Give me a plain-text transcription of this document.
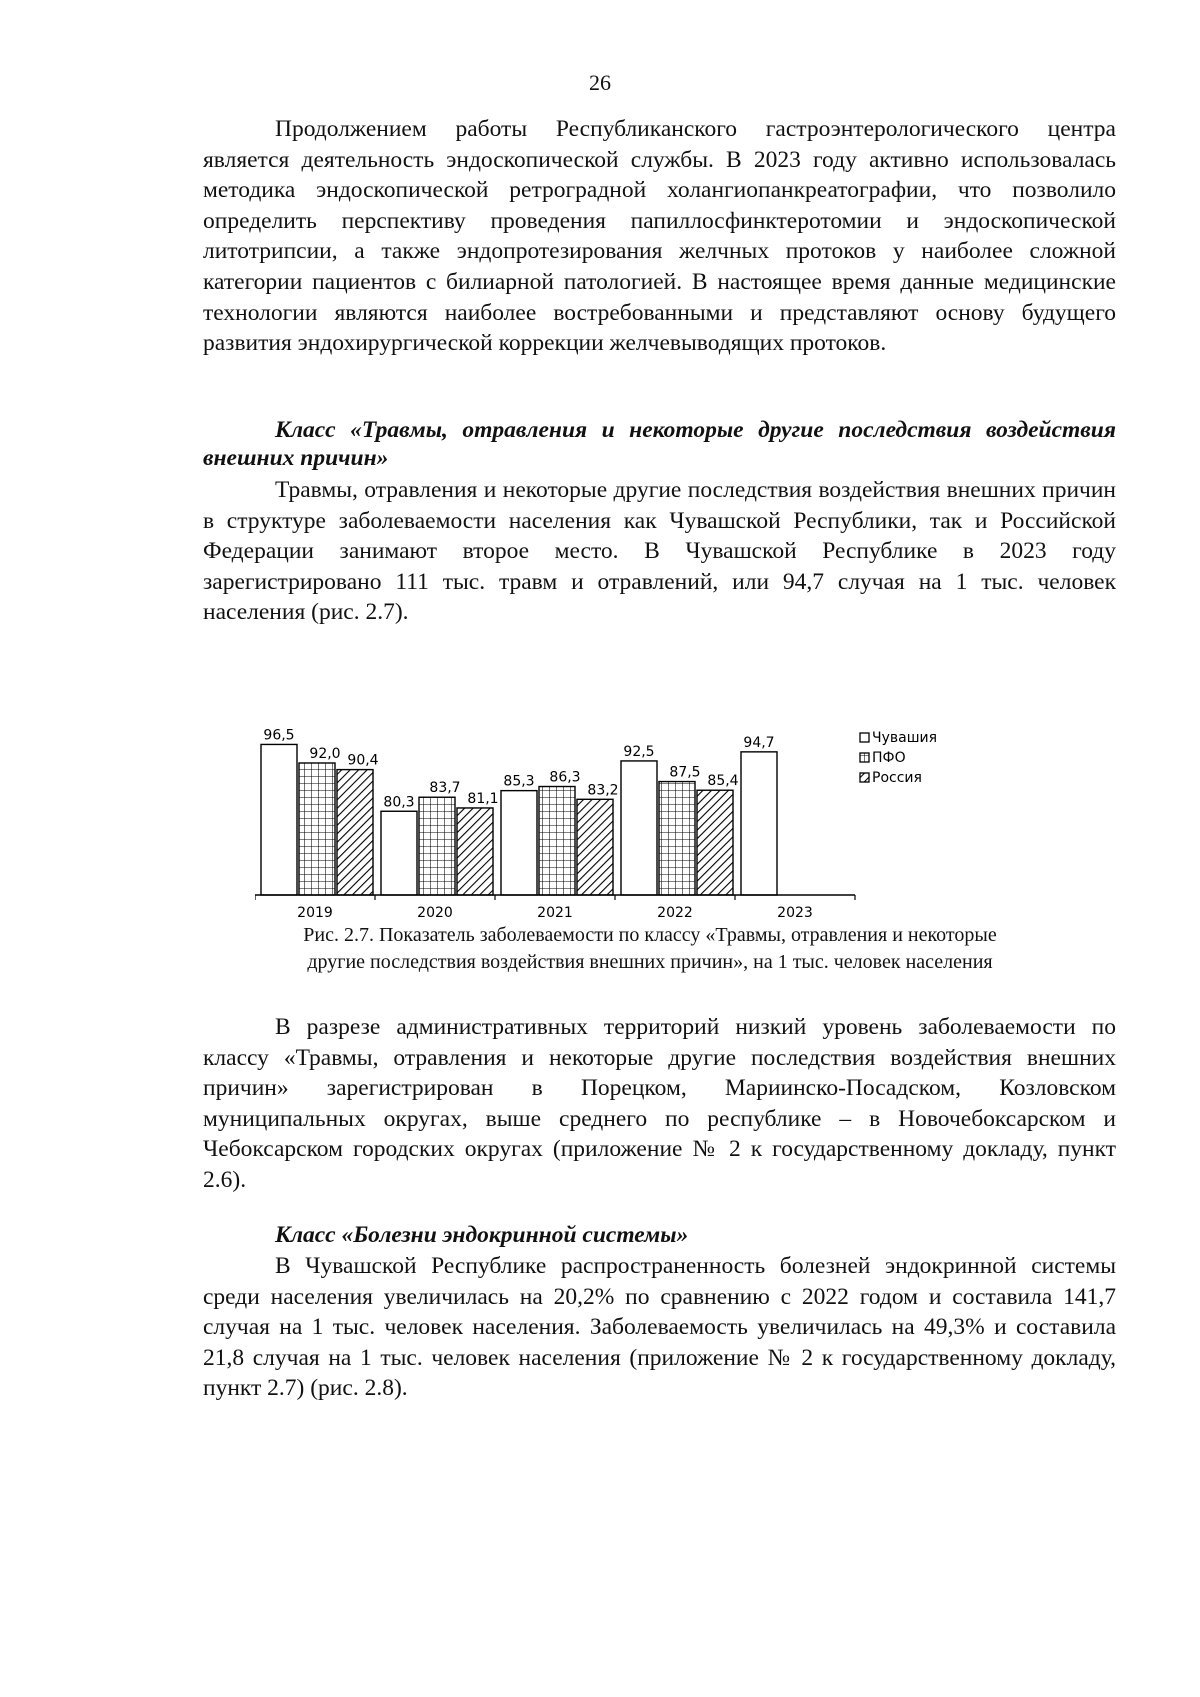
26

Продолжением работы Республиканского гастроэнтерологического центра является деятельность эндоскопической службы. В 2023 году активно использовалась методика эндоскопической ретроградной холангиопанкреатографии, что позволило определить перспективу проведения папиллосфинктеротомии и эндоскопической литотрипсии, а также эндопротезирования желчных протоков у наиболее сложной категории пациентов с билиарной патологией. В настоящее время данные медицинские технологии являются наиболее востребованными и представляют основу будущего развития эндохирургической коррекции желчевыводящих протоков.

Класс «Травмы, отравления и некоторые другие последствия воздействия внешних причин»

Травмы, отравления и некоторые другие последствия воздействия внешних причин в структуре заболеваемости населения как Чувашской Республики, так и Российской Федерации занимают второе место. В Чувашской Республике в 2023 году зарегистрировано 111 тыс. травм и отравлений, или 94,7 случая на 1 тыс. человек населения (рис. 2.7).

96,5
92,0 90,4
80,3
83,7
81,1
85,3 86,3
83,2
92,5
87,5
85,4
94,7
2019	2020	2021	2022	2023
Чувашия
ПФО
Россия

Рис. 2.7. Показатель заболеваемости по классу «Травмы, отравления и некоторые
другие последствия воздействия внешних причин», на 1 тыс. человек населения

В разрезе административных территорий низкий уровень заболеваемости по классу «Травмы, отравления и некоторые другие последствия воздействия внешних причин» зарегистрирован в Порецком, Мариинско-Посадском, Козловском муниципальных округах, выше среднего по республике – в Новочебоксарском и Чебоксарском городских округах (приложение № 2 к государственному докладу, пункт 2.6).

Класс «Болезни эндокринной системы»

В Чувашской Республике распространенность болезней эндокринной системы среди населения увеличилась на 20,2% по сравнению с 2022 годом и составила 141,7 случая на 1 тыс. человек населения. Заболеваемость увеличилась на 49,3% и составила 21,8 случая на 1 тыс. человек населения (приложение № 2 к государственному докладу, пункт 2.7) (рис. 2.8).
